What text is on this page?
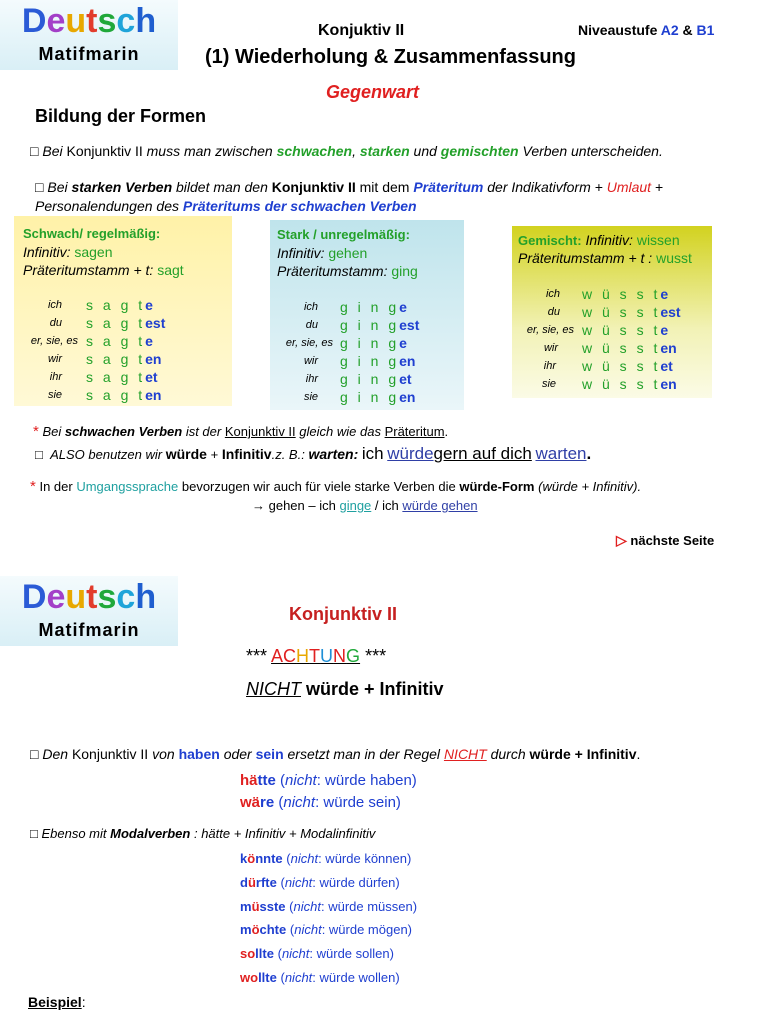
Deutsch
Matifmarin
Konjuktiv II
(1) Wiederholung & Zusammenfassung
Niveaustufe A2 & B1
Gegenwart
Bildung der Formen
□ Bei Konjunktiv II muss man zwischen schwachen, starken und gemischten Verben unterscheiden.
□ Bei starken Verben bildet man den Konjunktiv II mit dem Präteritum der Indikativform + Umlaut + Personalendungen des Präteritums der schwachen Verben
Schwach/ regelmäßig:
Infinitiv: sagen
Präteritumstamm + t: sagt
ich s a g te
du s a g test
er, sie, es s a g te
wir s a g ten
ihr s a g tet
sie s a g ten
Stark / unregelmäßig:
Infinitiv: gehen
Präteritumstamm: ging
ich g i n ge
du g i n gest
er, sie, es g i n ge
wir g i n gen
ihr g i n get
sie g i n gen
Gemischt: Infinitiv: wissen
Präteritumstamm + t : wusst
ich w ü s s te
du w ü s s test
er, sie, es w ü s s te
wir w ü s s ten
ihr w ü s s tet
sie w ü s s ten
* Bei schwachen Verben ist der Konjunktiv II gleich wie das Präteritum.
□ ALSO benutzen wir würde + Infinitiv.z. B.: warten: ich würdegern auf dich warten.
* In der Umgangssprache bevorzugen wir auch für viele starke Verben die würde-Form (würde + Infinitiv).
→ gehen – ich ginge / ich würde gehen
▷ nächste Seite
Deutsch
Matifmarin
Konjunktiv II
*** ACHTUNG ***
NICHT würde + Infinitiv
□ Den Konjunktiv II von haben oder sein ersetzt man in der Regel NICHT durch würde + Infinitiv.
hätte (nicht: würde haben)
wäre (nicht: würde sein)
□ Ebenso mit Modalverben : hätte + Infinitiv + Modalinfinitiv
könnte (nicht: würde können)
dürfte (nicht: würde dürfen)
müsste (nicht: würde müssen)
möchte (nicht: würde mögen)
sollte (nicht: würde sollen)
wollte (nicht: würde wollen)
Beispiel:
